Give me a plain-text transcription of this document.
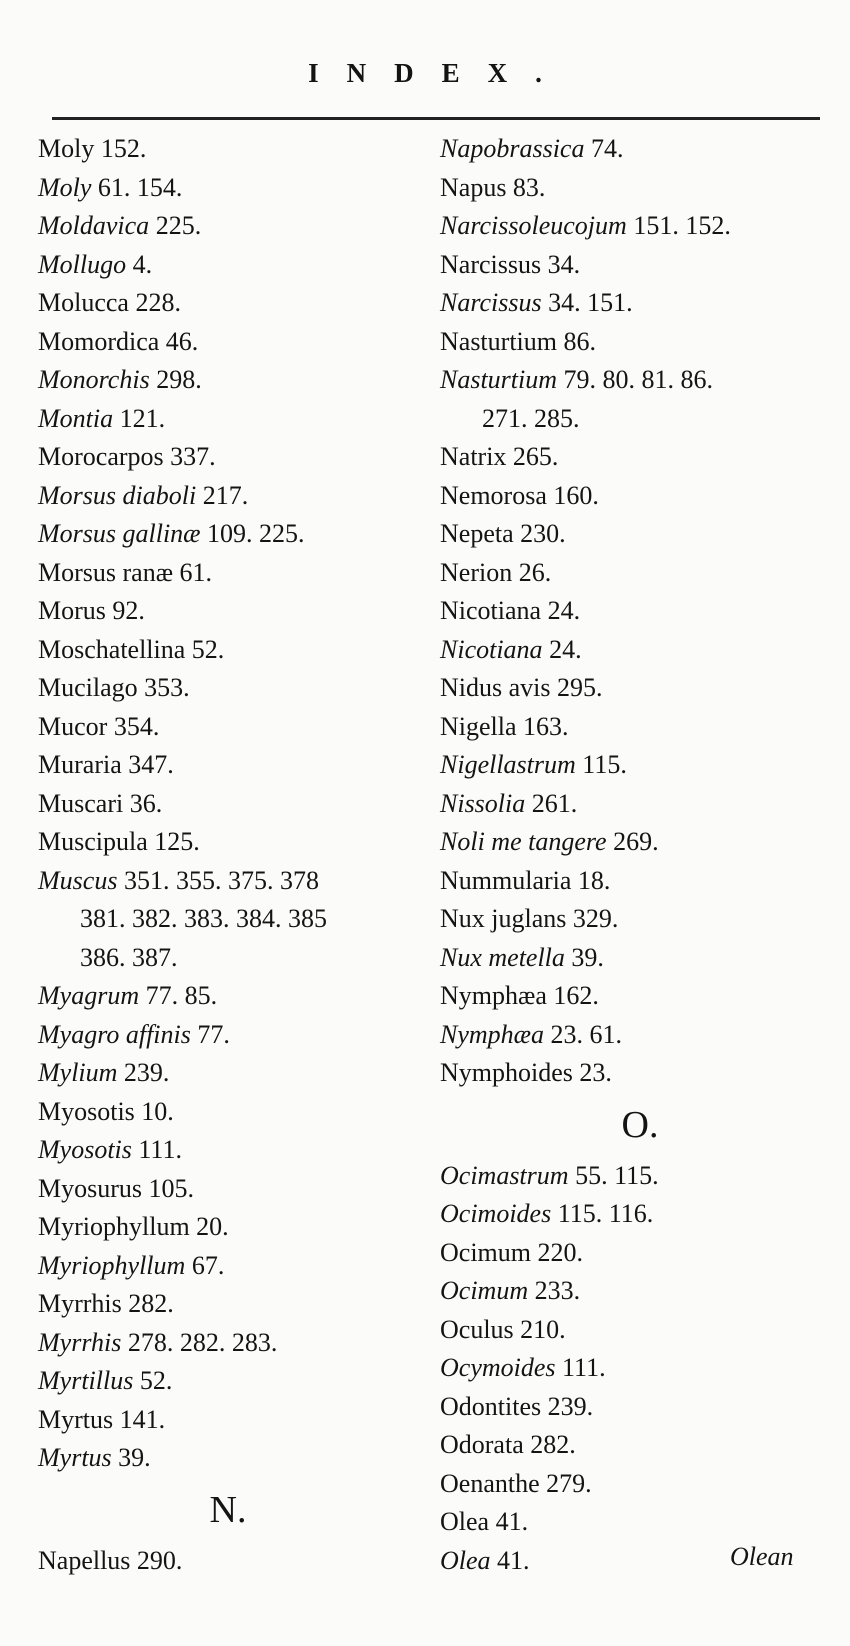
INDEX.
Moly 152.
Moly 61. 154.
Moldavica 225.
Mollugo 4.
Molucca 228.
Momordica 46.
Monorchis 298.
Montia 121.
Morocarpos 337.
Morsus diaboli 217.
Morsus gallinæ 109. 225.
Morsus ranæ 61.
Morus 92.
Moschatellina 52.
Mucilago 353.
Mucor 354.
Muraria 347.
Muscari 36.
Muscipula 125.
Muscus 351. 355. 375. 378
381. 382. 383. 384. 385
386. 387.
Myagrum 77. 85.
Myagro affinis 77.
Mylium 239.
Myosotis 10.
Myosotis 111.
Myosurus 105.
Myriophyllum 20.
Myriophyllum 67.
Myrrhis 282.
Myrrhis 278. 282. 283.
Myrtillus 52.
Myrtus 141.
Myrtus 39.
N.
Napellus 290.
Napobrassica 74.
Napus 83.
Narcissoleucojum 151. 152.
Narcissus 34.
Narcissus 34. 151.
Nasturtium 86.
Nasturtium 79. 80. 81. 86.
271. 285.
Natrix 265.
Nemorosa 160.
Nepeta 230.
Nerion 26.
Nicotiana 24.
Nicotiana 24.
Nidus avis 295.
Nigella 163.
Nigellastrum 115.
Nissolia 261.
Noli me tangere 269.
Nummularia 18.
Nux juglans 329.
Nux metella 39.
Nymphæa 162.
Nymphæa 23. 61.
Nymphoides 23.
O.
Ocimastrum 55. 115.
Ocimoides 115. 116.
Ocimum 220.
Ocimum 233.
Oculus 210.
Ocymoides 111.
Odontites 239.
Odorata 282.
Oenanthe 279.
Olea 41.
Olea 41.	Olean
